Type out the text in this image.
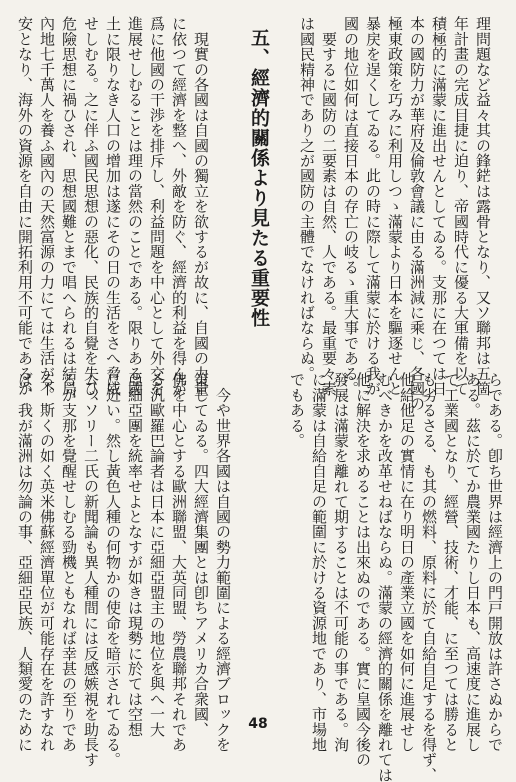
理問題など益々其の鋒鋩は露骨となり、又ソ聯邦は五箇
年計畫の完成目捷に迫り、帝國時代に優る大軍備を以て
積極的に滿蒙に進出せんとしてゐる。支那に在つては日
本の國防力が華府及倫敦會議に由る滿洲減に乘じ、各國の
極東政策を巧みに利用しつゝ滿蒙より日本を驅逐せんと
暴戻を逞くしてゐる。此の時に際して滿蒙に於ける我が
國の地位如何は直接日本の存亡の岐るゝ重大事である。
　要するに國防の二要素は自然、人である。最重要々素
は國民精神であり之が國防の主體でなければならぬ。
五、經濟的關係より見たる重要性
　現實の各國は自國の獨立を欲するが故に、自國の力量
に依つて經濟を整へ、外敵を防ぐ、經濟的利益を得んが
爲に他國の干渉を排斥し、利益問題を中心として外交を
進展せしむることは理の當然のことである。限りある國
土に限りなき人口の增加は遂にその日の生活をさへ脅威
せしむる。之に伴ふ國民思想の惡化、民族的自覺を失ひ、
危險思想に禍ひされ、思想國難とまで唱へられるは結局
內地七千萬人を養ふ國內の天然富源の力にては生活が不
安となり、海外の資源を自由に開拓利用不可能であるか
らである。卽ち世界は經濟上の門戸開放は許さぬからで
ある。茲に於てか農業國たりし日本も、高速度に進展し
て工業國となり、經營、技術、才能、に至つては勝ると
も劣るさる、も其の燃料、原料に於て自給自足するを得ず、
他給他足の實情に在り明日の產業立國を如何に進展せし
むべきかを改革せねばならぬ。滿蒙の經濟的關係を離れては
他に解決を求めることは出來ぬのである。實に皇國今後の
發展は滿蒙を離れて期することは不可能の事である。洵
に滿蒙は自給自足の範圍に於ける資源地であり、市場地
でもある。
　今や世界各國は自國の勢力範圍による經濟ブロックを
策してゐる。四大經濟集團とは卽ちアメリカ合衆國、
佛を中心とする歐洲聯盟、大英同盟、勞農聯邦それであ
る汎歐羅巴論者は日本に亞細亞盟主の地位を與へ一大
亞細亞團を統率せよとなすが如きは現勢に於ては空想
に近い。然し黃色人種の何物かの使命を暗示されてゐる。
ムッソリー二氏の新聞論も異人種間には反感嫉視を助長す
るが支那を覺醒せしむる勁機ともなれば幸甚の至りであ
る。斯くの如く英米佛蘇經濟單位が可能存在を許すなれ
ば、我が滿洲は勿論の事、亞細亞民族、人類愛のために	48
